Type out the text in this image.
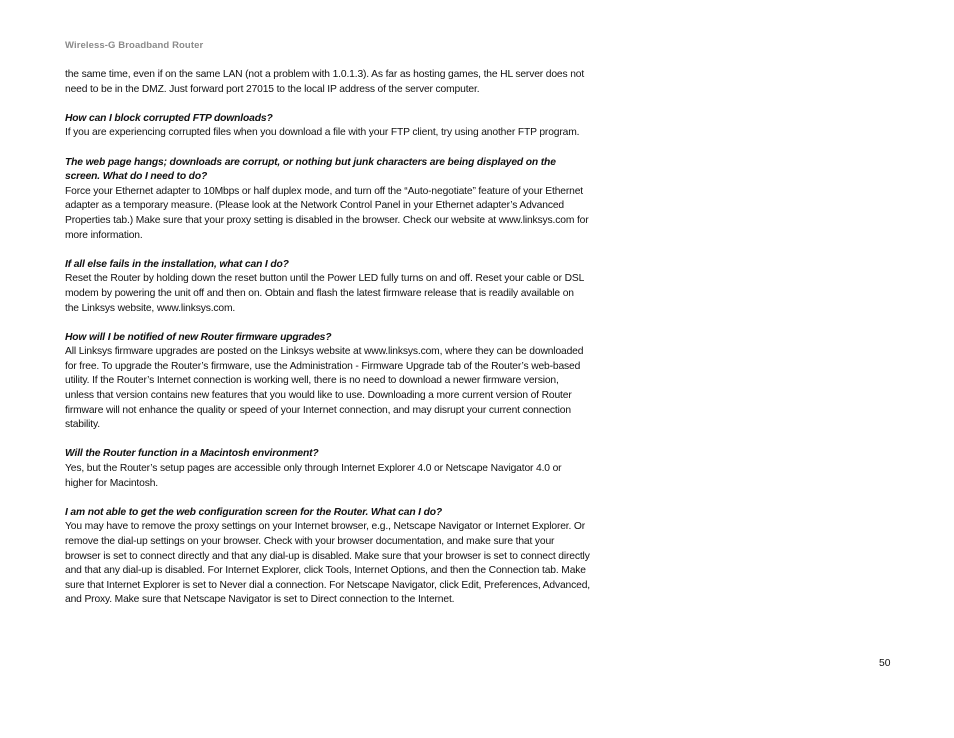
Wireless-G Broadband Router

the same time, even if on the same LAN (not a problem with 1.0.1.3). As far as hosting games, the HL server does not need to be in the DMZ. Just forward port 27015 to the local IP address of the server computer.

How can I block corrupted FTP downloads?

If you are experiencing corrupted files when you download a file with your FTP client, try using another FTP program.

The web page hangs; downloads are corrupt, or nothing but junk characters are being displayed on the screen. What do I need to do?

Force your Ethernet adapter to 10Mbps or half duplex mode, and turn off the “Auto-negotiate” feature of your Ethernet adapter as a temporary measure. (Please look at the Network Control Panel in your Ethernet adapter’s Advanced Properties tab.) Make sure that your proxy setting is disabled in the browser. Check our website at www.linksys.com for more information.

If all else fails in the installation, what can I do?

Reset the Router by holding down the reset button until the Power LED fully turns on and off. Reset your cable or DSL modem by powering the unit off and then on. Obtain and flash the latest firmware release that is readily available on the Linksys website, www.linksys.com.

How will I be notified of new Router firmware upgrades?

All Linksys firmware upgrades are posted on the Linksys website at www.linksys.com, where they can be downloaded for free. To upgrade the Router’s firmware, use the Administration - Firmware Upgrade tab of the Router’s web-based utility. If the Router’s Internet connection is working well, there is no need to download a newer firmware version, unless that version contains new features that you would like to use. Downloading a more current version of Router firmware will not enhance the quality or speed of your Internet connection, and may disrupt your current connection stability.

Will the Router function in a Macintosh environment?

Yes, but the Router’s setup pages are accessible only through Internet Explorer 4.0 or Netscape Navigator 4.0 or higher for Macintosh.

I am not able to get the web configuration screen for the Router. What can I do?

You may have to remove the proxy settings on your Internet browser, e.g., Netscape Navigator or Internet Explorer. Or remove the dial-up settings on your browser. Check with your browser documentation, and make sure that your browser is set to connect directly and that any dial-up is disabled. Make sure that your browser is set to connect directly and that any dial-up is disabled. For Internet Explorer, click Tools, Internet Options, and then the Connection tab. Make sure that Internet Explorer is set to Never dial a connection. For Netscape Navigator, click Edit, Preferences, Advanced, and Proxy. Make sure that Netscape Navigator is set to Direct connection to the Internet.

50
